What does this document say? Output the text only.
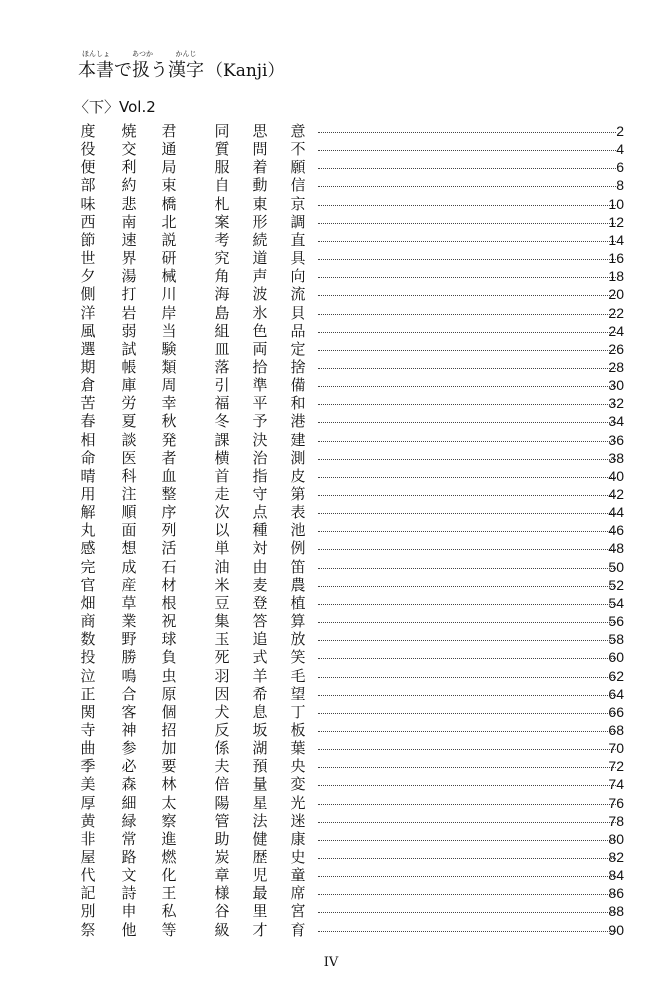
ほんしょ
本書 で
あつか
扱 う
かんじ
漢字 （Kanji）
〈下〉Vol.2
度 焼 君	同 思 意	2
役 交 通	質 問 不	4
便 利 局	服 着 願	6
部 約 束	自 動 信	8
味 悲 橋	札 東 京	10
西 南 北	案 形 調	12
節 速 説	考 続 直	14
世 界 研	究 道 具	16
夕 湯 械	角 声 向	18
側 打 川	海 波 流	20
洋 岩 岸	島 氷 貝	22
風 弱 当	組 色 品	24
選 試 験	皿 両 定	26
期 帳 類	落 拾 捨	28
倉 庫 周	引 準 備	30
苦 労 幸	福 平 和	32
春 夏 秋	冬 予 港	34
相 談 発	課 決 建	36
命 医 者	横 治 測	38
晴 科 血	首 指 皮	40
用 注 整	走 守 第	42
解 順 序	次 点 表	44
丸 面 列	以 種 池	46
感 想 活	単 対 例	48
完 成 石	油 由 笛	50
官 産 材	米 麦 農	52
畑 草 根	豆 登 植	54
商 業 祝	集 答 算	56
数 野 球	玉 追 放	58
投 勝 負	死 式 笑	60
泣 鳴 虫	羽 羊 毛	62
正 合 原	因 希 望	64
関 客 個	犬 息 丁	66
寺 神 招	反 坂 板	68
曲 参 加	係 湖 葉	70
季 必 要	夫 預 央	72
美 森 林	倍 量 変	74
厚 細 太	陽 星 光	76
黄 緑 察	管 法 迷	78
非 常 進	助 健 康	80
屋 路 燃	炭 歴 史	82
代 文 化	章 児 童	84
記 詩 王	様 最 席	86
別 申 私	谷 里 宮	88
祭 他 等	級 才 育	90
IV
